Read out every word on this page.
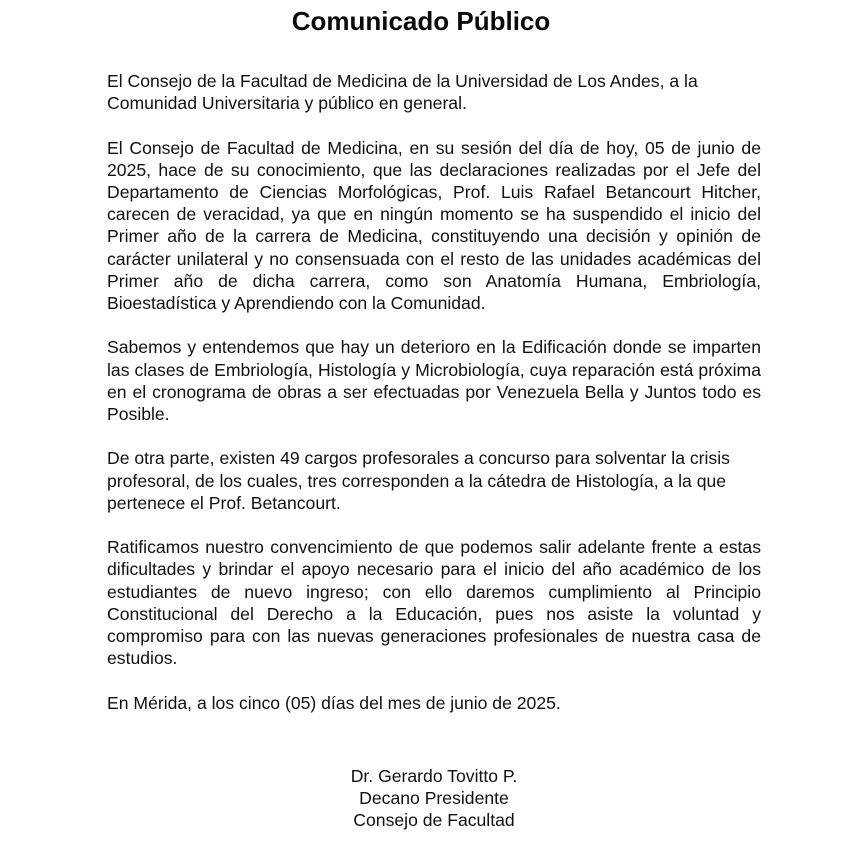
Comunicado Público

El Consejo de la Facultad de Medicina de la Universidad de Los Andes, a la Comunidad Universitaria y público en general.

El Consejo de Facultad de Medicina, en su sesión del día de hoy, 05 de junio de 2025, hace de su conocimiento, que las declaraciones realizadas por el Jefe del Departamento de Ciencias Morfológicas, Prof. Luis Rafael Betancourt Hitcher, carecen de veracidad, ya que en ningún momento se ha suspendido el inicio del Primer año de la carrera de Medicina, constituyendo una decisión y opinión de carácter unilateral y no consensuada con el resto de las unidades académicas del Primer año de dicha carrera, como son Anatomía Humana, Embriología, Bioestadística y Aprendiendo con la Comunidad.

Sabemos y entendemos que hay un deterioro en la Edificación donde se imparten las clases de Embriología, Histología y Microbiología, cuya reparación está próxima en el cronograma de obras a ser efectuadas por Venezuela Bella y Juntos todo es Posible.

De otra parte, existen 49 cargos profesorales a concurso para solventar la crisis profesoral, de los cuales, tres corresponden a la cátedra de Histología, a la que pertenece el Prof. Betancourt.

Ratificamos nuestro convencimiento de que podemos salir adelante frente a estas dificultades y brindar el apoyo necesario para el inicio del año académico de los estudiantes de nuevo ingreso; con ello daremos cumplimiento al Principio Constitucional del Derecho a la Educación, pues nos asiste la voluntad y compromiso para con las nuevas generaciones profesionales de nuestra casa de estudios.

En Mérida, a los cinco (05) días del mes de junio de 2025.

Dr. Gerardo Tovitto P.
Decano Presidente
Consejo de Facultad
